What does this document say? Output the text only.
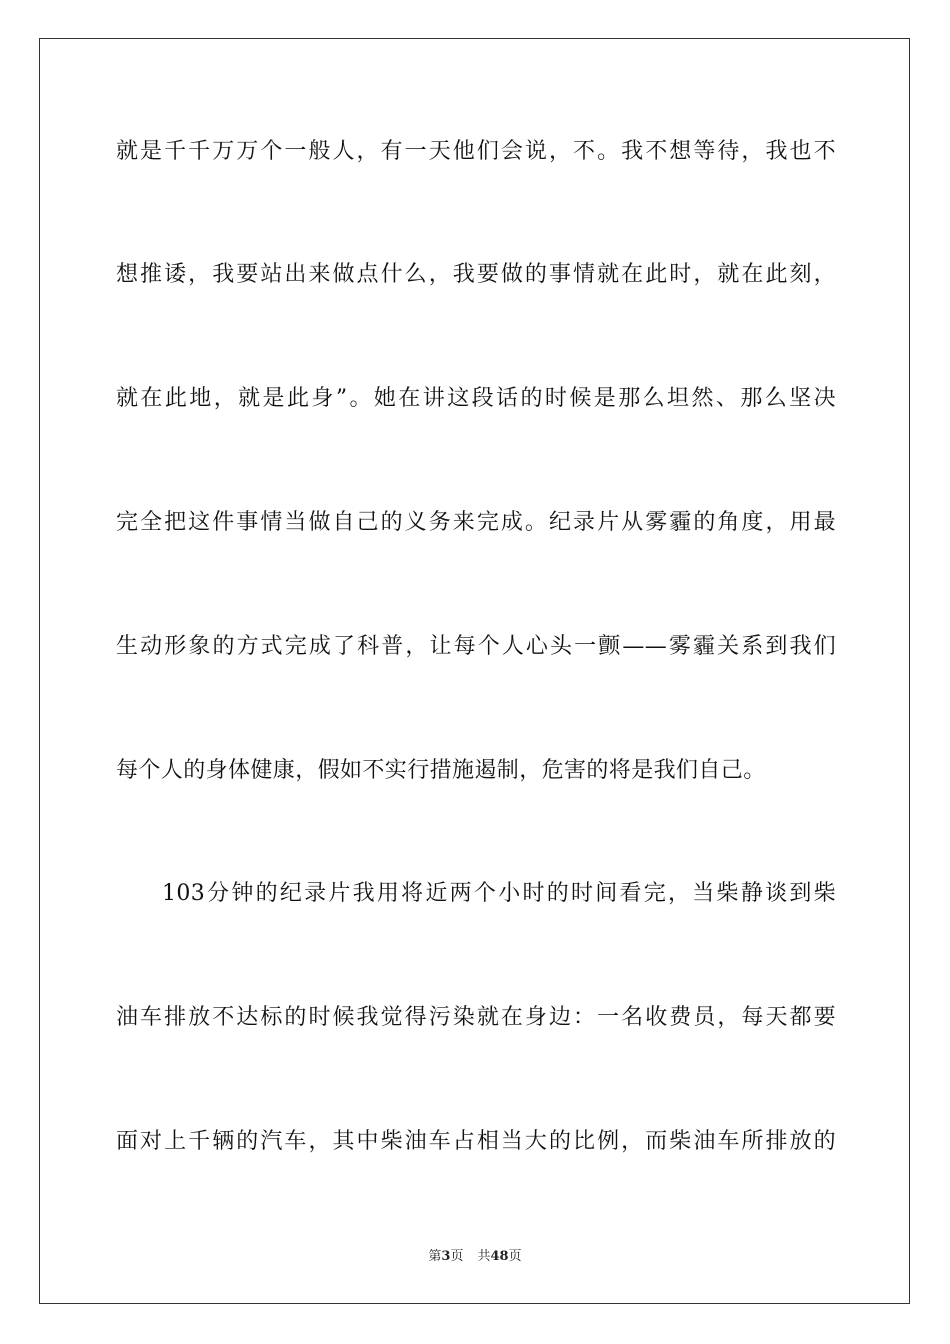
就是千千万万个一般人，有一天他们会说，不。我不想等待，我也不
想推诿，我要站出来做点什么，我要做的事情就在此时，就在此刻，
就在此地，就是此身”。她在讲这段话的时候是那么坦然、那么坚决
完全把这件事情当做自己的义务来完成。纪录片从雾霾的角度，用最
生动形象的方式完成了科普，让每个人心头一颤——雾霾关系到我们
每个人的身体健康，假如不实行措施遏制，危害的将是我们自己。
103分钟的纪录片我用将近两个小时的时间看完，当柴静谈到柴
油车排放不达标的时候我觉得污染就在身边：一名收费员，每天都要
面对上千辆的汽车，其中柴油车占相当大的比例，而柴油车所排放的
第3页 共48页
